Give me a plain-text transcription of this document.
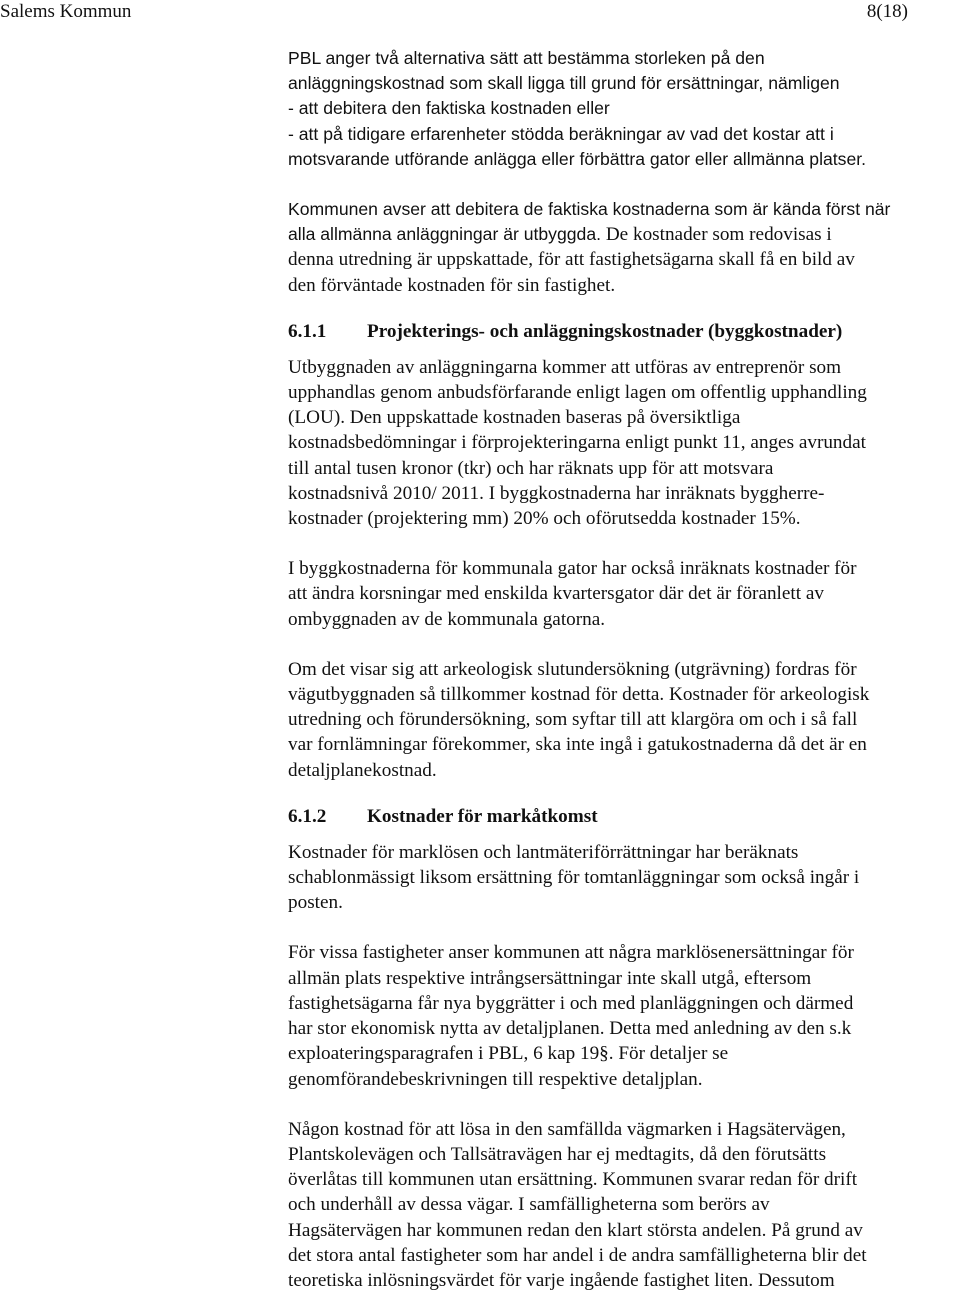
Salems Kommun	8(18)
PBL anger två alternativa sätt att bestämma storleken på den
anläggningskostnad som skall ligga till grund för ersättningar, nämligen
- att debitera den faktiska kostnaden eller
- att på tidigare erfarenheter stödda beräkningar av vad det kostar att i
motsvarande utförande anlägga eller förbättra gator eller allmänna platser.
Kommunen avser att debitera de faktiska kostnaderna som är kända först när
alla allmänna anläggningar är utbyggda. De kostnader som redovisas i
denna utredning är uppskattade, för att fastighetsägarna skall få en bild av
den förväntade kostnaden för sin fastighet.
6.1.1 Projekterings- och anläggningskostnader (byggkostnader)
Utbyggnaden av anläggningarna kommer att utföras av entreprenör som
upphandlas genom anbudsförfarande enligt lagen om offentlig upphandling
(LOU). Den uppskattade kostnaden baseras på översiktliga
kostnadsbedömningar i förprojekteringarna enligt punkt 11, anges avrundat
till antal tusen kronor (tkr) och har räknats upp för att motsvara
kostnadsnivå 2010/ 2011. I byggkostnaderna har inräknats byggherre-
kostnader (projektering mm) 20% och oförutsedda kostnader 15%.
I byggkostnaderna för kommunala gator har också inräknats kostnader för
att ändra korsningar med enskilda kvartersgator där det är föranlett av
ombyggnaden av de kommunala gatorna.
Om det visar sig att arkeologisk slutundersökning (utgrävning) fordras för
vägutbyggnaden så tillkommer kostnad för detta. Kostnader för arkeologisk
utredning och förundersökning, som syftar till att klargöra om och i så fall
var fornlämningar förekommer, ska inte ingå i gatukostnaderna då det är en
detaljplanekostnad.
6.1.2 Kostnader för markåtkomst
Kostnader för marklösen och lantmäteriförrättningar har beräknats
schablonmässigt liksom ersättning för tomtanläggningar som också ingår i
posten.
För vissa fastigheter anser kommunen att några marklösenersättningar för
allmän plats respektive intrångsersättningar inte skall utgå, eftersom
fastighetsägarna får nya byggrätter i och med planläggningen och därmed
har stor ekonomisk nytta av detaljplanen. Detta med anledning av den s.k
exploateringsparagrafen i PBL, 6 kap 19§. För detaljer se
genomförandebeskrivningen till respektive detaljplan.
Någon kostnad för att lösa in den samfällda vägmarken i Hagsätervägen,
Plantskolevägen och Tallsätravägen har ej medtagits, då den förutsätts
överlåtas till kommunen utan ersättning. Kommunen svarar redan för drift
och underhåll av dessa vägar. I samfälligheterna som berörs av
Hagsätervägen har kommunen redan den klart största andelen. På grund av
det stora antal fastigheter som har andel i de andra samfälligheterna blir det
teoretiska inlösningsvärdet för varje ingående fastighet liten. Dessutom
